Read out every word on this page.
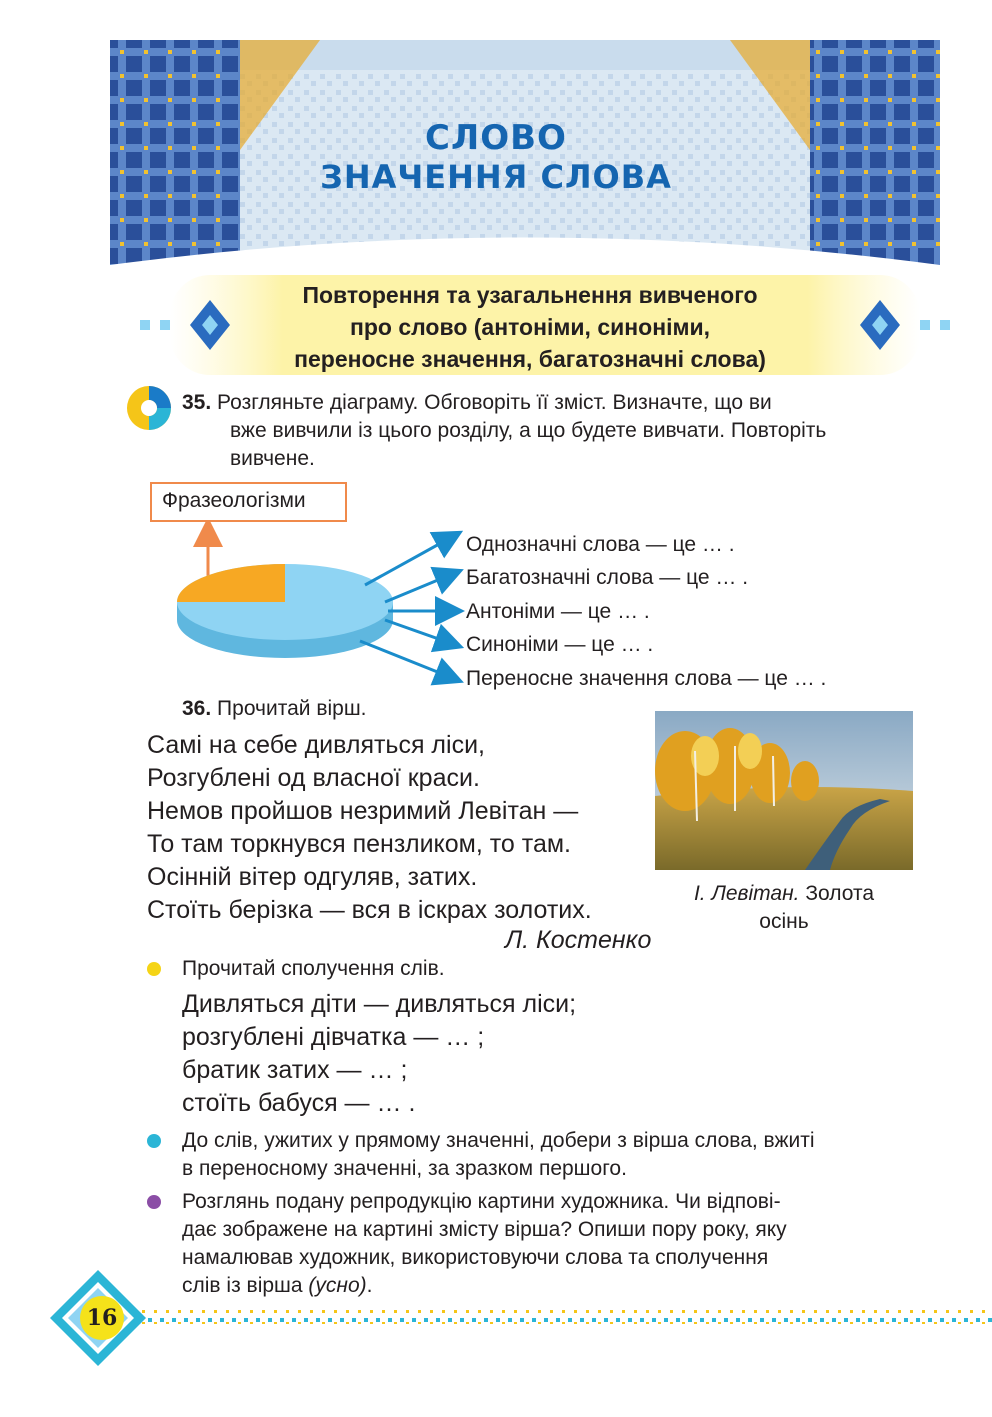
СЛОВО
ЗНАЧЕННЯ СЛОВА
Повторення та узагальнення вивченого
про слово (антоніми, синоніми,
переносне значення, багатозначні слова)
35. Розгляньте діаграму. Обговоріть її зміст. Визначте, що ви
вже вивчили із цього розділу, а що будете вивчати. Повторіть
вивчене.
Фразеологізми
Однозначні слова — це … .
Багатозначні слова — це … .
Антоніми — це … .
Синоніми — це … .
Переносне значення слова — це … .
36. Прочитай вірш.
Самі на себе дивляться ліси,
Розгублені од власної краси.
Немов пройшов незримий Левітан —
То там торкнувся пензликом, то там.
Осінній вітер одгуляв, затих.
Стоїть берізка — вся в іскрах золотих.
Л. Костенко
І. Левітан. Золота
осінь
Прочитай сполучення слів.
Дивляться діти — дивляться ліси;
розгублені дівчатка — … ;
братик затих — … ;
стоїть бабуся — … .
До слів, ужитих у прямому значенні, добери з вірша слова, вжиті
в переносному значенні, за зразком першого.
Розглянь подану репродукцію картини художника. Чи відпові-
дає зображене на картині змісту вірша? Опиши пору року, яку
намалював художник, використовуючи слова та сполучення
слів із вірша (усно).
16
